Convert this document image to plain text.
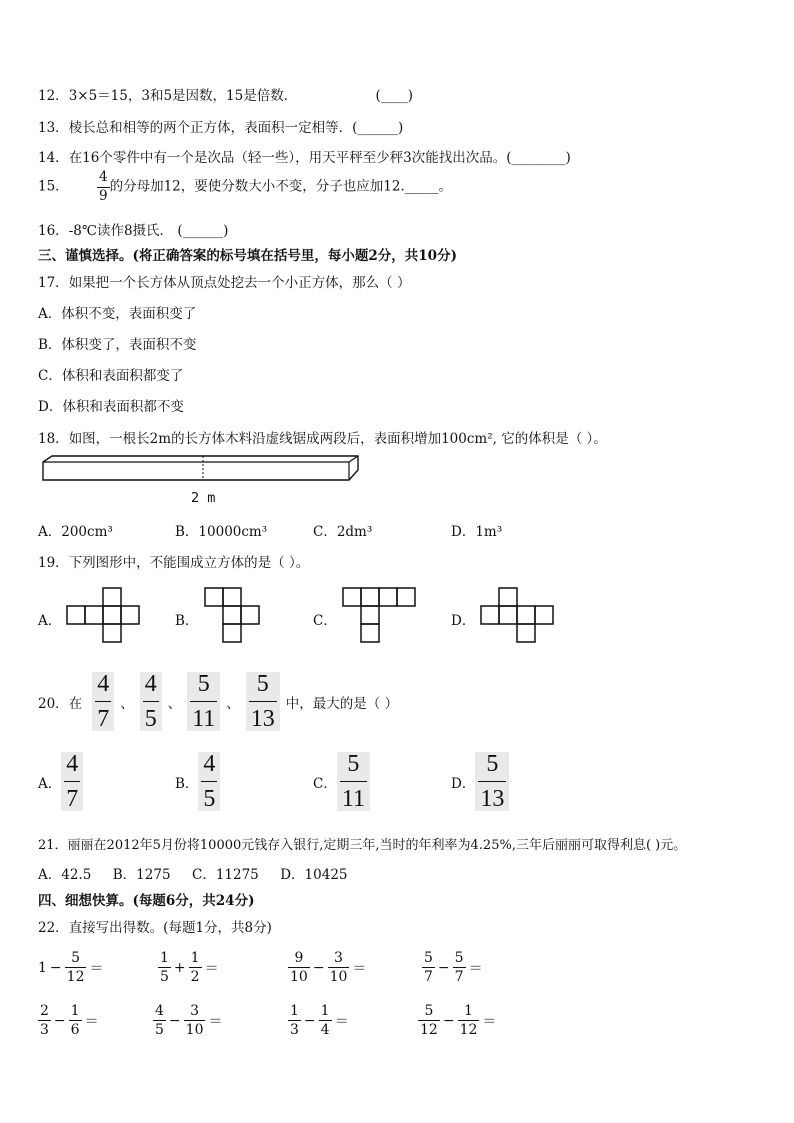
12．3×5＝15，3和5是因数，15是倍数．	(____)
13．棱长总和相等的两个正方体，表面积一定相等．(______)
14．在16个零件中有一个是次品（轻一些），用天平秤至少秤3次能找出次品。(________)
15． $\frac{4}{9}$ 的分母加12，要使分数大小不变，分子也应加12._____。
16．-8℃读作8摄氏． (______)
三、谨慎选择。(将正确答案的标号填在括号里，每小题2分，共10分)
17．如果把一个长方体从顶点处挖去一个小正方体，那么（ ）
A．体积不变，表面积变了
B．体积变了，表面积不变
C．体积和表面积都变了
D．体积和表面积都不变
18．如图，一根长2m的长方体木料沿虚线锯成两段后，表面积增加100cm², 它的体积是（ ）。
2 m
A．200cm³	B．10000cm³	C．2dm³	D．1m³
19．下列图形中，不能围成立方体的是（ ）。
A．	B．	C．	D．
20． 在 $\frac{4}{7}$ 、 $\frac{4}{5}$ 、 $\frac{5}{11}$ 、 $\frac{5}{13}$ 中，最大的是（ ）
A． $\frac{4}{7}$	B． $\frac{4}{5}$	C． $\frac{5}{11}$	D． $\frac{5}{13}$
21．丽丽在2012年5月份将10000元钱存入银行,定期三年,当时的年利率为4.25%,三年后丽丽可取得利息( )元。
A．42.5     B．1275     C．11275     D．10425
四、细想快算。(每题6分，共24分)
22．直接写出得数。(每题1分，共8分)
$1 - \frac{5}{12}$ ＝	$\frac{1}{5} + \frac{1}{2}$ ＝	$\frac{9}{10} - \frac{3}{10}$ ＝	$\frac{5}{7} - \frac{5}{7}$ ＝
$\frac{2}{3} - \frac{1}{6}$ ＝	$\frac{4}{5} - \frac{3}{10}$ ＝	$\frac{1}{3} - \frac{1}{4}$ ＝	$\frac{5}{12} - \frac{1}{12}$ ＝
